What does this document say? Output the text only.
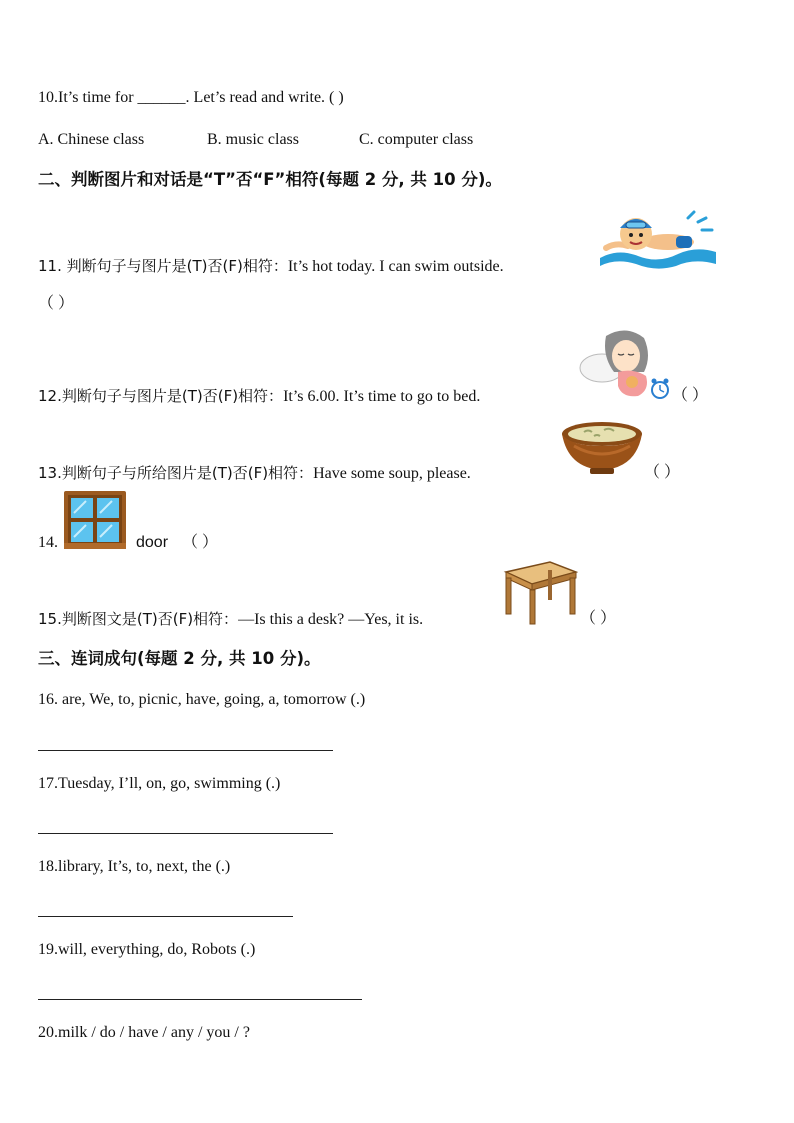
10.It’s time for ______. Let’s read and write. ( )
A. Chinese class	B. music class	C. computer class
二、判断图片和对话是“T”否“F”相符(每题 2 分, 共 10 分)。
11. 判断句子与图片是(T)否(F)相符：It’s hot today. I can swim outside.
（ ）
12.判断句子与图片是(T)否(F)相符：It’s 6.00. It’s time to go to bed.	（ ）
13.判断句子与所给图片是(T)否(F)相符：Have some soup, please.	（ ）
14.	door （ ）
15.判断图文是(T)否(F)相符：—Is this a desk? —Yes, it is.	（ ）
三、连词成句(每题 2 分, 共 10 分)。
16. are, We, to, picnic, have, going, a, tomorrow (.)
17.Tuesday, I’ll, on, go, swimming (.)
18.library, It’s, to, next, the (.)
19.will, everything, do, Robots (.)
20.milk / do / have / any / you / ?
